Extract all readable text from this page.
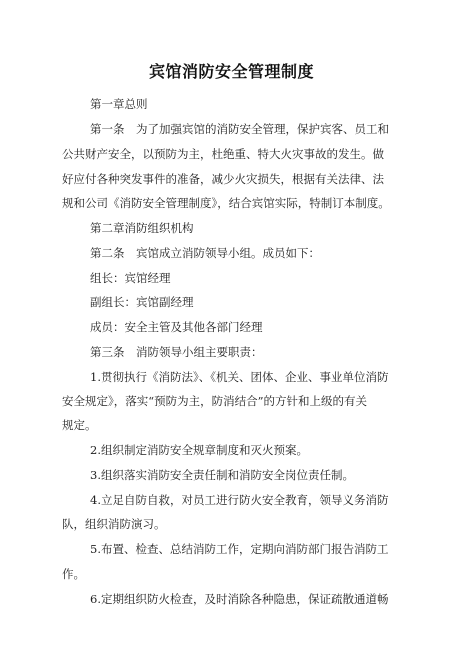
宾馆消防安全管理制度
第一章总则
第一条　为了加强宾馆的消防安全管理，保护宾客、员工和
公共财产安全，以预防为主，杜绝重、特大火灾事故的发生。做
好应付各种突发事件的准备，减少火灾损失，根据有关法律、法
规和公司《消防安全管理制度》，结合宾馆实际，特制订本制度。
第二章消防组织机构
第二条　宾馆成立消防领导小组。成员如下：
组长：宾馆经理
副组长：宾馆副经理
成员：安全主管及其他各部门经理
第三条　消防领导小组主要职责：
1.贯彻执行《消防法》、《机关、团体、企业、事业单位消防
安全规定》，落实“预防为主，防消结合”的方针和上级的有关
规定。
2.组织制定消防安全规章制度和灭火预案。
3.组织落实消防安全责任制和消防安全岗位责任制。
4.立足自防自救，对员工进行防火安全教育，领导义务消防
队，组织消防演习。
5.布置、检查、总结消防工作，定期向消防部门报告消防工
作。
6.定期组织防火检查，及时消除各种隐患，保证疏散通道畅
